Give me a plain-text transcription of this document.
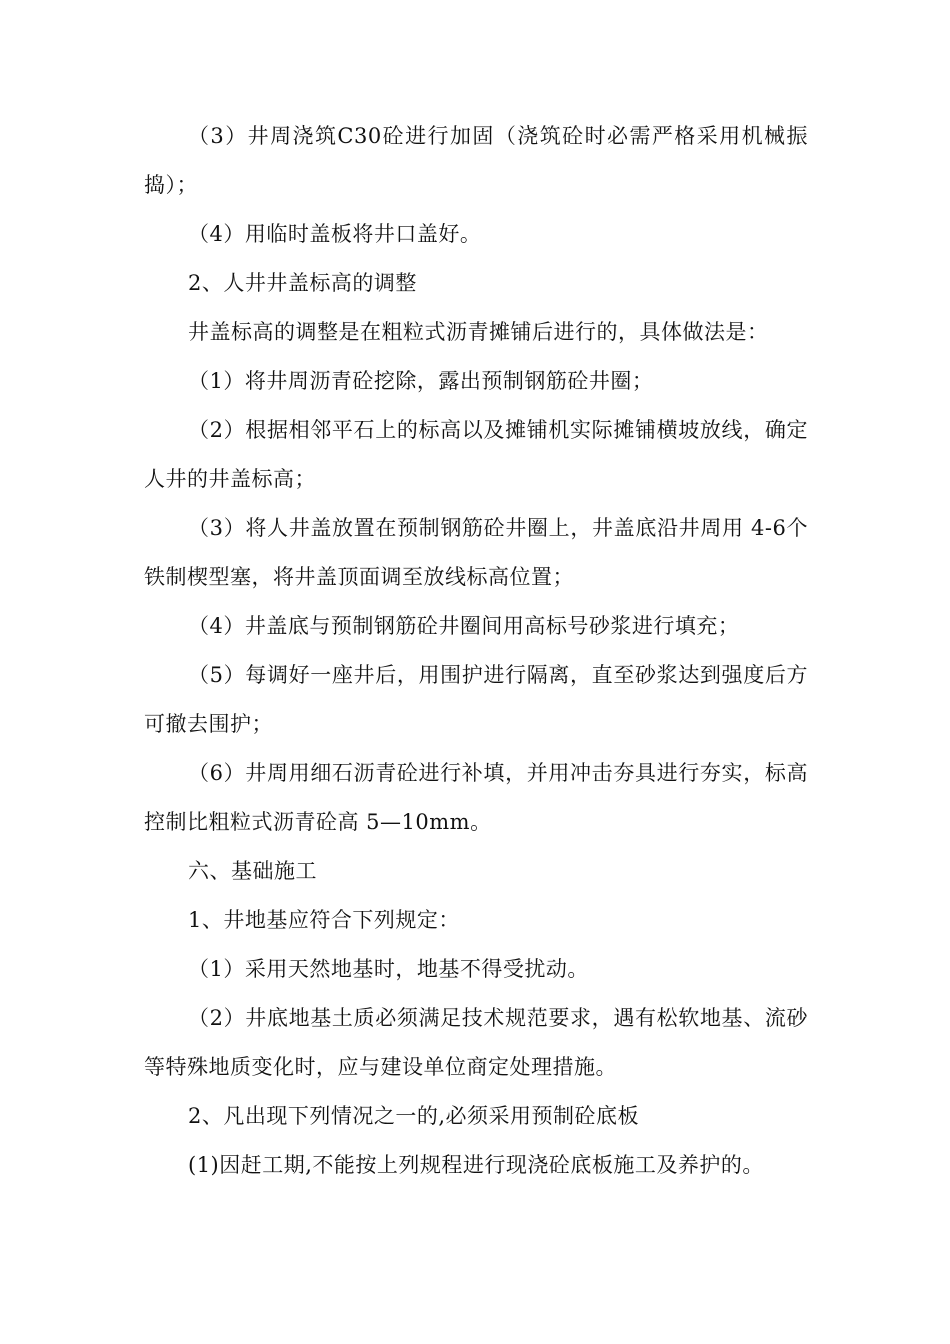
（3）井周浇筑C30砼进行加固（浇筑砼时必需严格采用机械振捣）；

（4）用临时盖板将井口盖好。

2、人井井盖标高的调整

井盖标高的调整是在粗粒式沥青摊铺后进行的，具体做法是：

（1）将井周沥青砼挖除，露出预制钢筋砼井圈；

（2）根据相邻平石上的标高以及摊铺机实际摊铺横坡放线，确定人井的井盖标高；

（3）将人井盖放置在预制钢筋砼井圈上，井盖底沿井周用 4-6个铁制楔型塞，将井盖顶面调至放线标高位置；

（4）井盖底与预制钢筋砼井圈间用高标号砂浆进行填充；

（5）每调好一座井后，用围护进行隔离，直至砂浆达到强度后方可撤去围护；

（6）井周用细石沥青砼进行补填，并用冲击夯具进行夯实，标高控制比粗粒式沥青砼高 5—10mm。

六、基础施工

1、井地基应符合下列规定：

（1）采用天然地基时，地基不得受扰动。

（2）井底地基土质必须满足技术规范要求，遇有松软地基、流砂等特殊地质变化时，应与建设单位商定处理措施。

2、凡出现下列情况之一的,必须采用预制砼底板

(1)因赶工期,不能按上列规程进行现浇砼底板施工及养护的。
